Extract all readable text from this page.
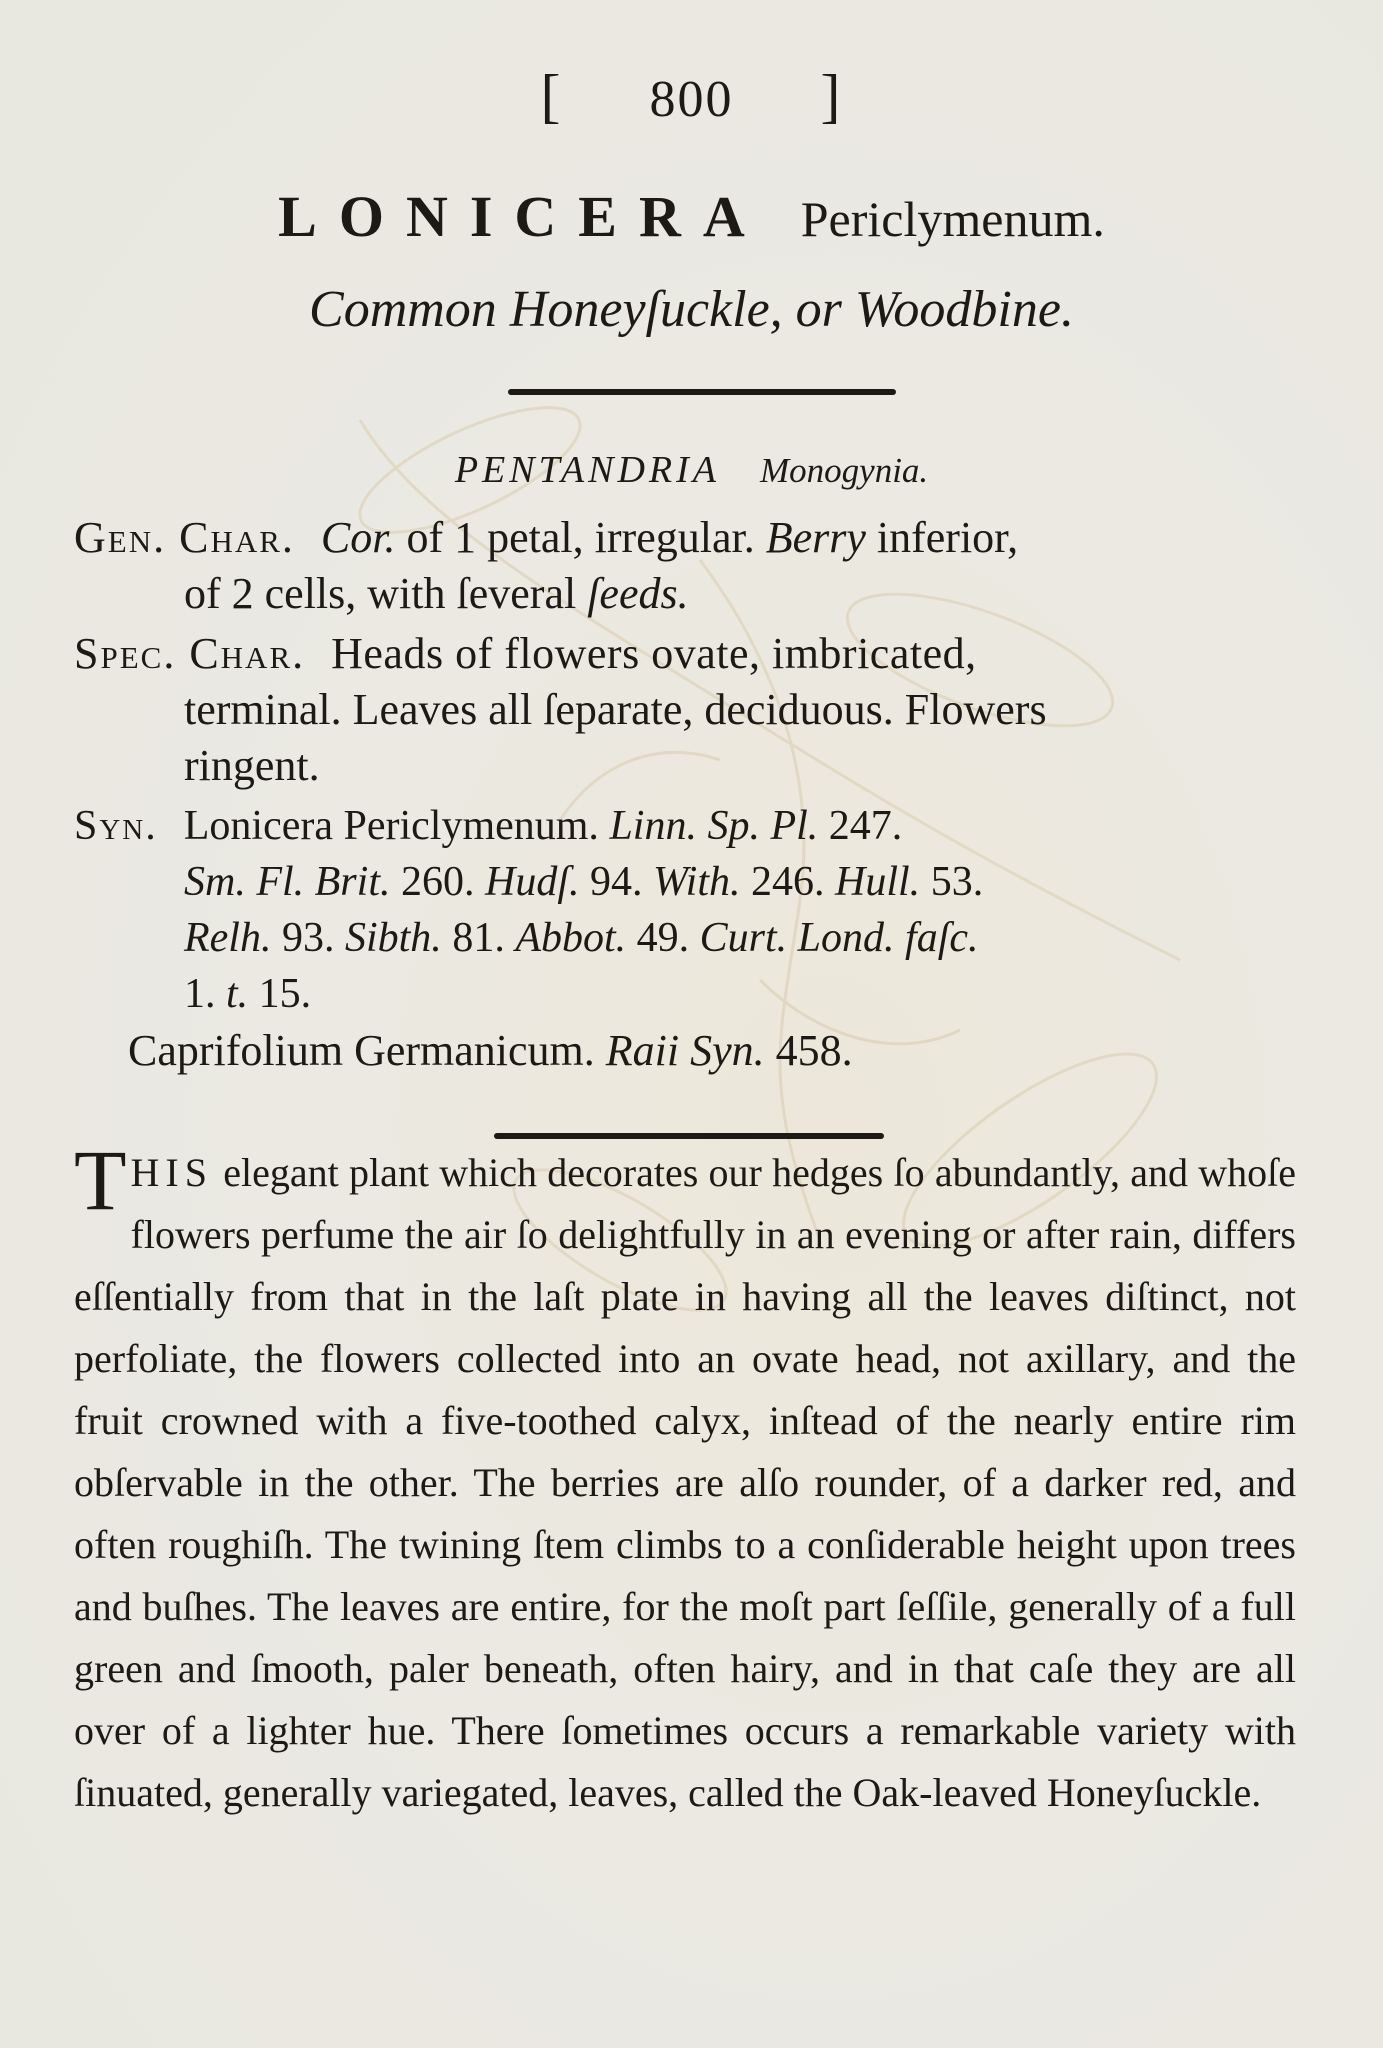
[ 800 ]
LONICERA Periclymenum.
Common Honeyſuckle, or Woodbine.
PENTANDRIA Monogynia.
Gen. Char. Cor. of 1 petal, irregular. Berry inferior,
of 2 cells, with ſeveral ſeeds.
Spec. Char. Heads of flowers ovate, imbricated,
terminal. Leaves all ſeparate, deciduous. Flowers
ringent.
Syn. Lonicera Periclymenum. Linn. Sp. Pl. 247.
Sm. Fl. Brit. 260. Hudſ. 94. With. 246. Hull. 53.
Relh. 93. Sibth. 81. Abbot. 49. Curt. Lond. faſc.
1. t. 15.
Caprifolium Germanicum. Raii Syn. 458.
THIS elegant plant which decorates our hedges ſo abundantly, and whoſe flowers perfume the air ſo delightfully in an evening or after rain, differs eſſentially from that in the laſt plate in having all the leaves diſtinct, not perfoliate, the flowers collected into an ovate head, not axillary, and the fruit crowned with a five-toothed calyx, inſtead of the nearly entire rim obſervable in the other. The berries are alſo rounder, of a darker red, and often roughiſh. The twining ſtem climbs to a conſiderable height upon trees and buſhes. The leaves are entire, for the moſt part ſeſſile, generally of a full green and ſmooth, paler beneath, often hairy, and in that caſe they are all over of a lighter hue. There ſometimes occurs a remarkable variety with ſinuated, generally variegated, leaves, called the Oak-leaved Honeyſuckle.
